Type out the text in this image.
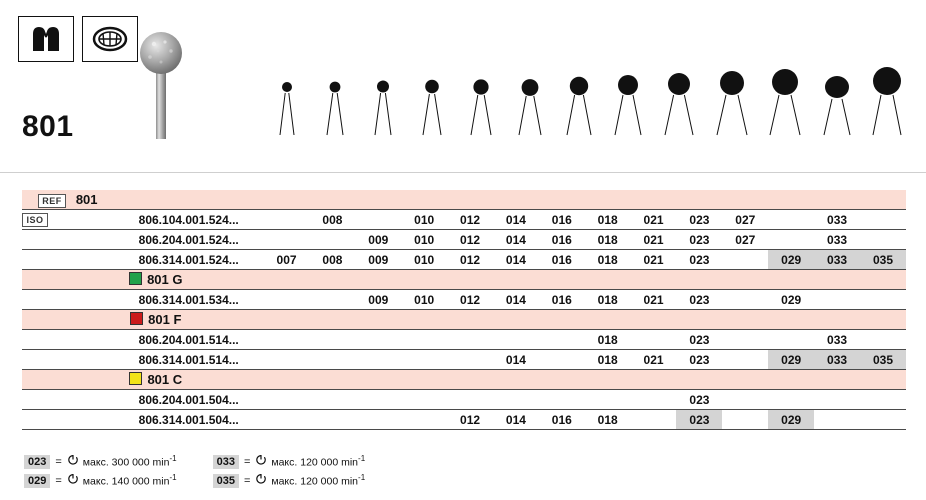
801
REF 801																
ISO		806.104.001.524...		008		010	012	014	016	018	021	023	027		033	
		806.204.001.524...			009	010	012	014	016	018	021	023	027		033	
		806.314.001.524...	007	008	009	010	012	014	016	018	021	023		029	033	035
	801 G															
		806.314.001.534...			009	010	012	014	016	018	021	023		029		
	801 F															
		806.204.001.514...								018		023			033	
		806.314.001.514...						014		018	021	023		029	033	035
	801 C															
		806.204.001.504...										023				
		806.314.001.504...					012	014	016	018		023		029		
023 = макс. 300 000 $\min^{-1}$	033 = макс. 120 000 $\min^{-1}$
029 = макс. 140 000 $\min^{-1}$	035 = макс. 120 000 $\min^{-1}$
